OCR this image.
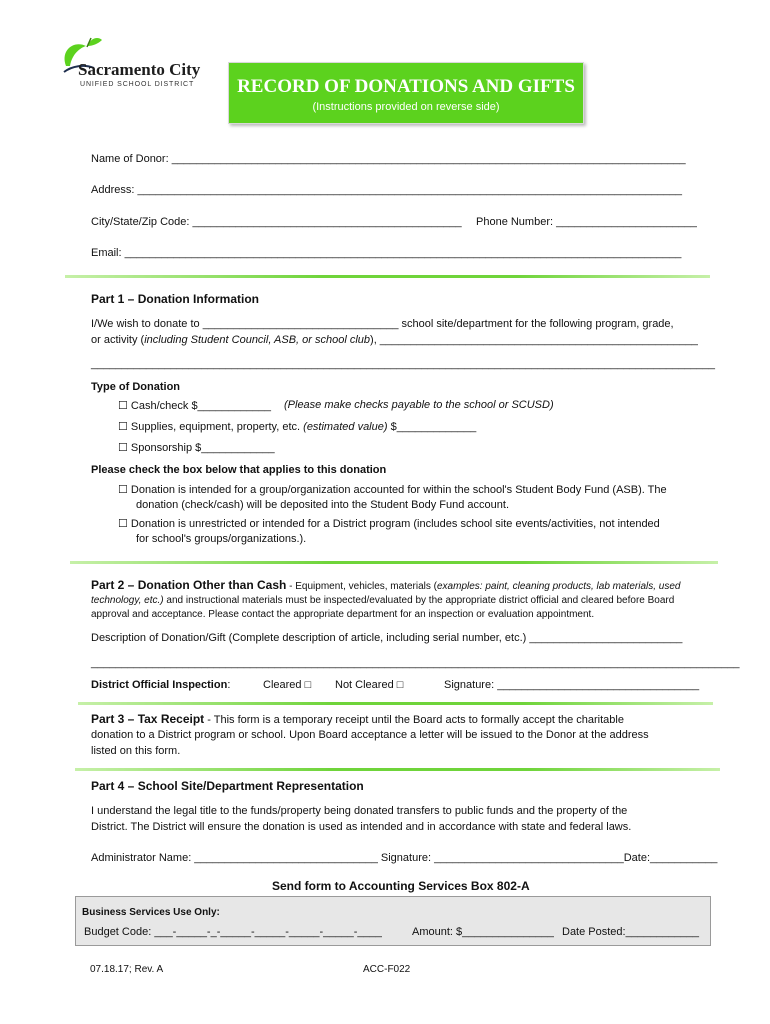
Sacramento City
UNIFIED SCHOOL DISTRICT	RECORD OF DONATIONS AND GIFTS
(Instructions provided on reverse side)
Name of Donor: ____________________________________________________________________________________
Address: _________________________________________________________________________________________
City/State/Zip Code: ____________________________________________ Phone Number: _______________________
Email: ___________________________________________________________________________________________
Part 1 – Donation Information
I/We wish to donate to ________________________________ school site/department for the following program, grade,
or activity (including Student Council, ASB, or school club), ____________________________________________________
______________________________________________________________________________________________________
Type of Donation
☐ Cash/check $____________ (Please make checks payable to the school or SCUSD)
☐ Supplies, equipment, property, etc. (estimated value) $_____________
☐ Sponsorship $____________
Please check the box below that applies to this donation
☐ Donation is intended for a group/organization accounted for within the school's Student Body Fund (ASB). The
donation (check/cash) will be deposited into the Student Body Fund account.
☐ Donation is unrestricted or intended for a District program (includes school site events/activities, not intended
for school's groups/organizations.).
Part 2 – Donation Other than Cash - Equipment, vehicles, materials (examples: paint, cleaning products, lab materials, used
technology, etc.) and instructional materials must be inspected/evaluated by the appropriate district official and cleared before Board
approval and acceptance. Please contact the appropriate department for an inspection or evaluation appointment.
Description of Donation/Gift (Complete description of article, including serial number, etc.) _________________________
__________________________________________________________________________________________________________
District Official Inspection:	Cleared □ Not Cleared □	Signature: _________________________________
Part 3 – Tax Receipt - This form is a temporary receipt until the Board acts to formally accept the charitable
donation to a District program or school. Upon Board acceptance a letter will be issued to the Donor at the address
listed on this form.
Part 4 – School Site/Department Representation
I understand the legal title to the funds/property being donated transfers to public funds and the property of the
District. The District will ensure the donation is used as intended and in accordance with state and federal laws.
Administrator Name: ______________________________ Signature: _______________________________Date:___________
Send form to Accounting Services Box 802-A
Business Services Use Only:
Budget Code: ___-_____-_-_____-_____-_____-_____-____	Amount: $_______________ Date Posted:____________
07.18.17; Rev. A	ACC-F022
